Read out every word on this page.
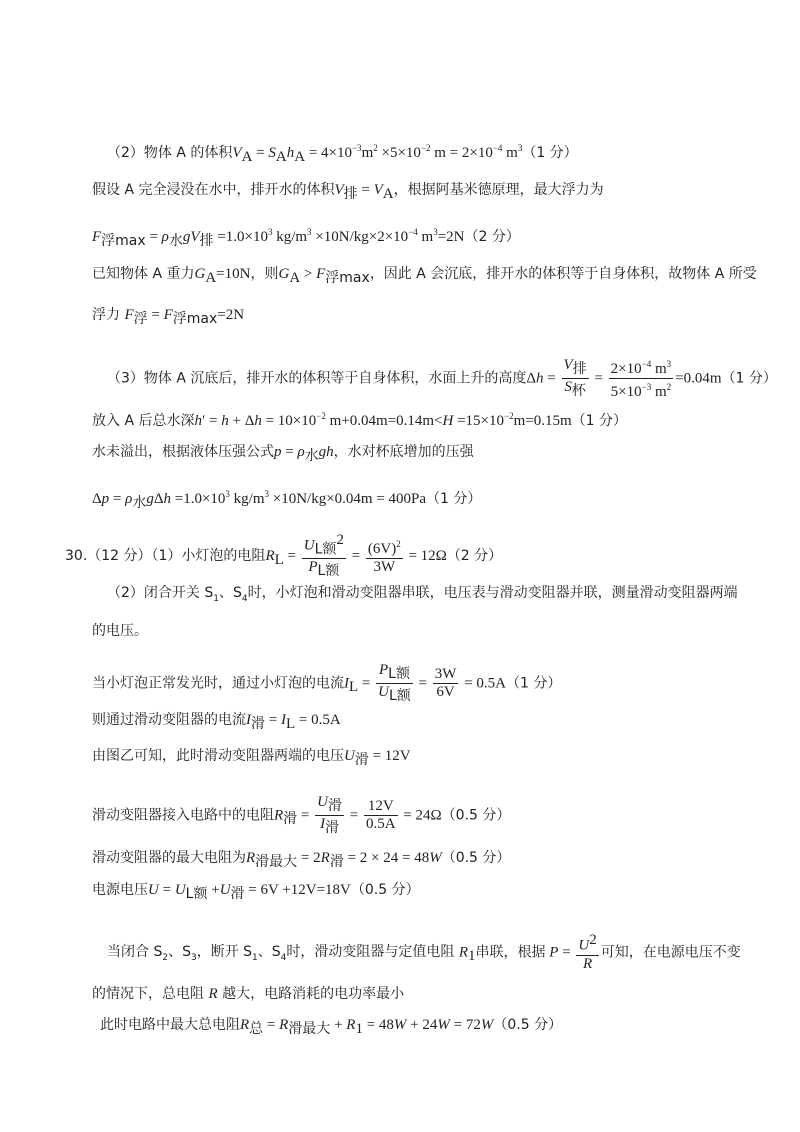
（2）物体 A 的体积$V_A = S_Ah_A = 4\times 10^{-3}m^2 \times 5\times 10^{-2}$ $m = 2\times 10^{-4}$ $m^3(1$ 分）
假设 A 完全浸没在水中，排开水的体积$V_排 = V_A$，根据阿基米德原理，最大浮力为
$F_{浮max} = \rho_水gV_排 =1.0\times 10^3$ $kg/m^3 \times 10N/kg\times 2\times 10^{-4}$ $m^3=2N(2$ 分）
已知物体 A 重力$G_A=10N$，则$G_A > F_{浮max}$，因此 A 会沉底，排开水的体积等于自身体积，故物体 A 所受
浮力 $F_浮 = F_{浮max}=2N$
（3）物体 A 沉底后，排开水的体积等于自身体积，水面上升的高度$\Delta h = \frac{V_排}{S_杯} = \frac{2\times 10^{-4} m^3}{5\times 10^{-3} m^2} =0.04m(1$ 分）
放入 A 后总水深$h' = h + \Delta h = 10\times 10^{-2}$ $m+0.04m=0.14m<H =15\times 10^{-2}m=0.15m(1$ 分）
水未溢出，根据液体压强公式$p = \rho_水gh$，水对杯底增加的压强
$\Delta p = \rho_水g\Delta h =1.0\times 10^3$ $kg/m^3 \times 10N/kg\times 0.04m = 400Pa(1$ 分）
30.（12 分）（1）小灯泡的电阻$R_L = \frac{U_{L额}^2}{P_{L额}} = \frac{(6V)^2}{3W} = 12\Omega(2$ 分）
（2）闭合开关 $S_1$、$S_4$时，小灯泡和滑动变阻器串联，电压表与滑动变阻器并联，测量滑动变阻器两端
的电压。
当小灯泡正常发光时，通过小灯泡的电流$I_L = \frac{P_{L额}}{U_{L额}} = \frac{3W}{6V} = 0.5A(1$ 分）
则通过滑动变阻器的电流$I_滑 = I_L = 0.5A$
由图乙可知，此时滑动变阻器两端的电压$U_滑 = 12V$
滑动变阻器接入电路中的电阻$R_滑 = \frac{U_滑}{I_滑} = \frac{12V}{0.5A} = 24\Omega(0.5$ 分）
滑动变阻器的最大电阻为$R_{滑最大} = 2R_滑 = 2 \times 24 = 48W(0.5$ 分）
电源电压$U = U_{L额} +U_滑 = 6V +12V=18V(0.5$ 分）
当闭合 $S_2$、$S_3$，断开 $S_1$、$S_4$时，滑动变阻器与定值电阻 $R_1$串联，根据 $P = \frac{U^2}{R}$ 可知，在电源电压不变
的情况下，总电阻 R 越大，电路消耗的电功率最小
此时电路中最大总电阻$R_总 = R_{滑最大} + R_1 = 48W + 24W = 72W(0.5$ 分）
